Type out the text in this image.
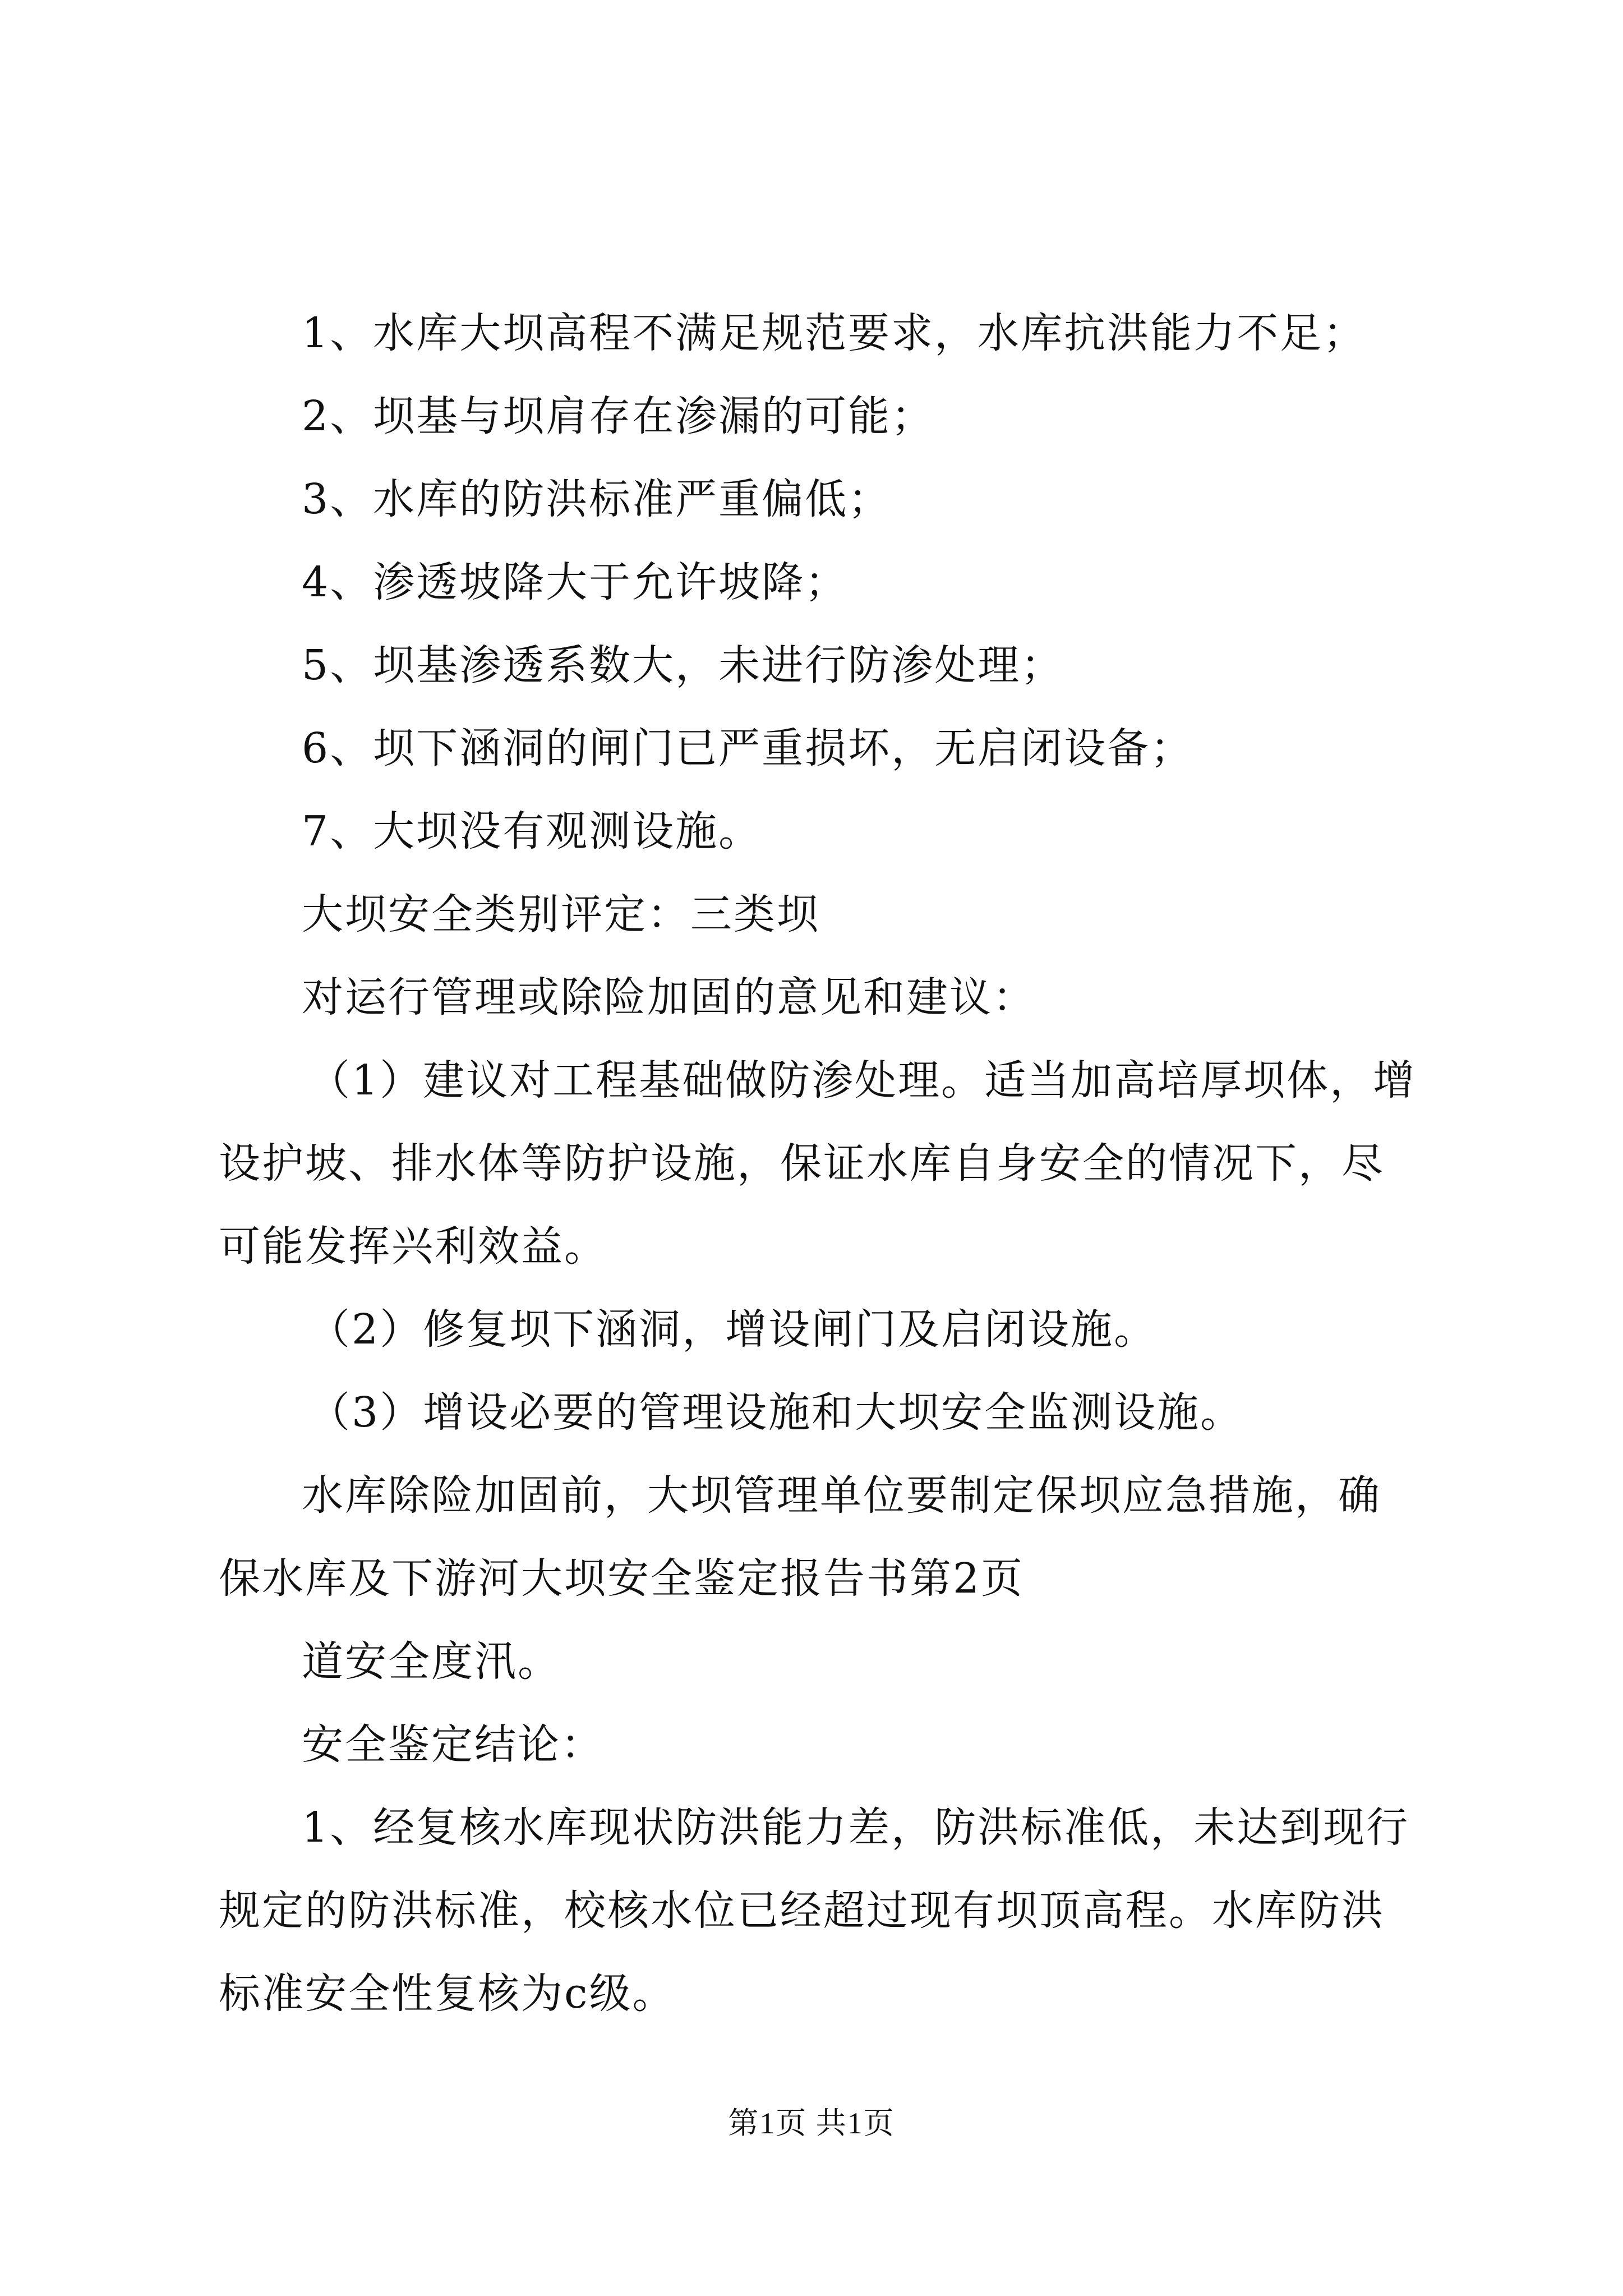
1、水库大坝高程不满足规范要求，水库抗洪能力不足；

2、坝基与坝肩存在渗漏的可能；

3、水库的防洪标准严重偏低；

4、渗透坡降大于允许坡降；

5、坝基渗透系数大，未进行防渗处理；

6、坝下涵洞的闸门已严重损坏，无启闭设备；

7、大坝没有观测设施。

大坝安全类别评定：三类坝

对运行管理或除险加固的意见和建议：

（1）建议对工程基础做防渗处理。适当加高培厚坝体，增设护坡、排水体等防护设施，保证水库自身安全的情况下，尽可能发挥兴利效益。

（2）修复坝下涵洞，增设闸门及启闭设施。

（3）增设必要的管理设施和大坝安全监测设施。

水库除险加固前，大坝管理单位要制定保坝应急措施，确保水库及下游河大坝安全鉴定报告书第2页

道安全度汛。

安全鉴定结论：

1、经复核水库现状防洪能力差，防洪标准低，未达到现行规定的防洪标准，校核水位已经超过现有坝顶高程。水库防洪标准安全性复核为c级。

第1页 共1页
